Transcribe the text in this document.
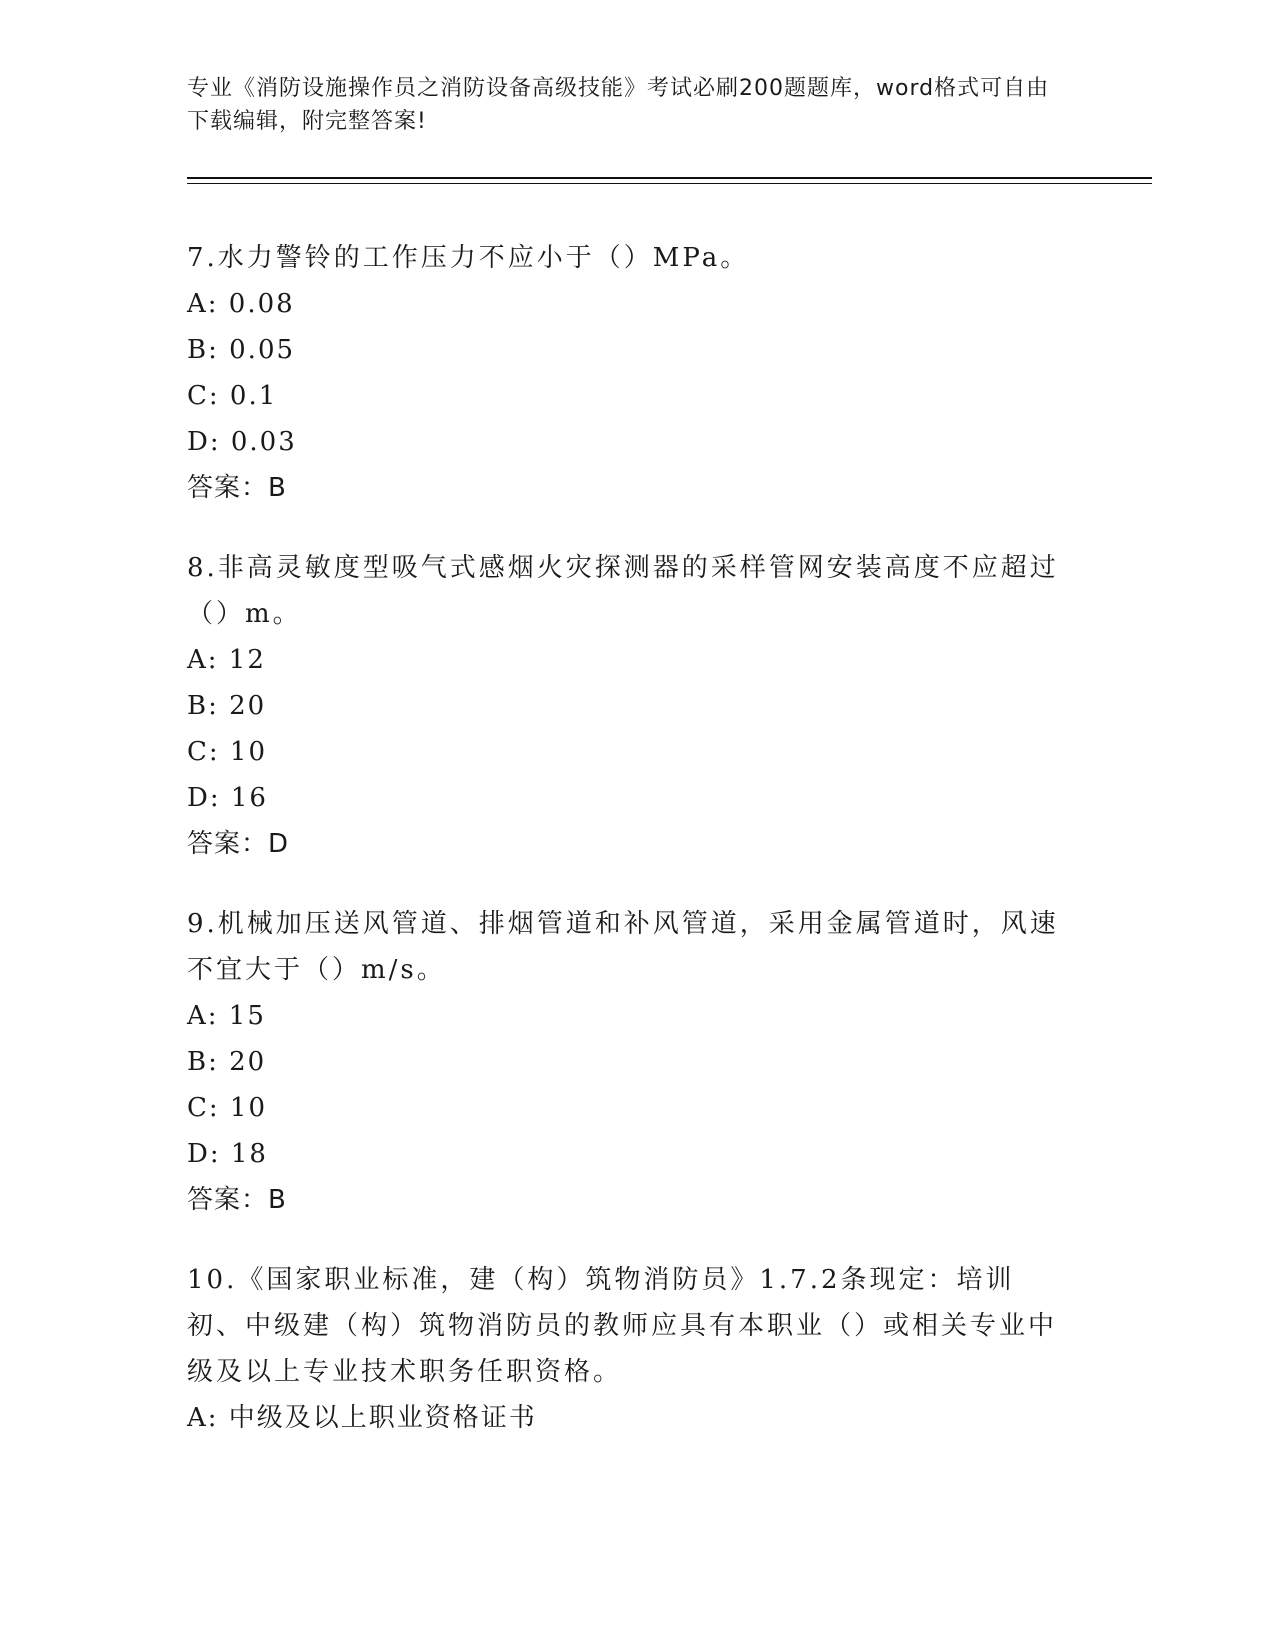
专业《消防设施操作员之消防设备高级技能》考试必刷200题题库，word格式可自由下载编辑，附完整答案!

7.水力警铃的工作压力不应小于（）MPa。

A: 0.08

B: 0.05

C: 0.1

D: 0.03

答案：B

8.非高灵敏度型吸气式感烟火灾探测器的采样管网安装高度不应超过（）m。

A: 12

B: 20

C: 10

D: 16

答案：D

9.机械加压送风管道、排烟管道和补风管道，采用金属管道时，风速不宜大于（）m/s。

A: 15

B: 20

C: 10

D: 18

答案：B

10.《国家职业标准，建（构）筑物消防员》1.7.2条现定：培训初、中级建（构）筑物消防员的教师应具有本职业（）或相关专业中级及以上专业技术职务任职资格。

A: 中级及以上职业资格证书
